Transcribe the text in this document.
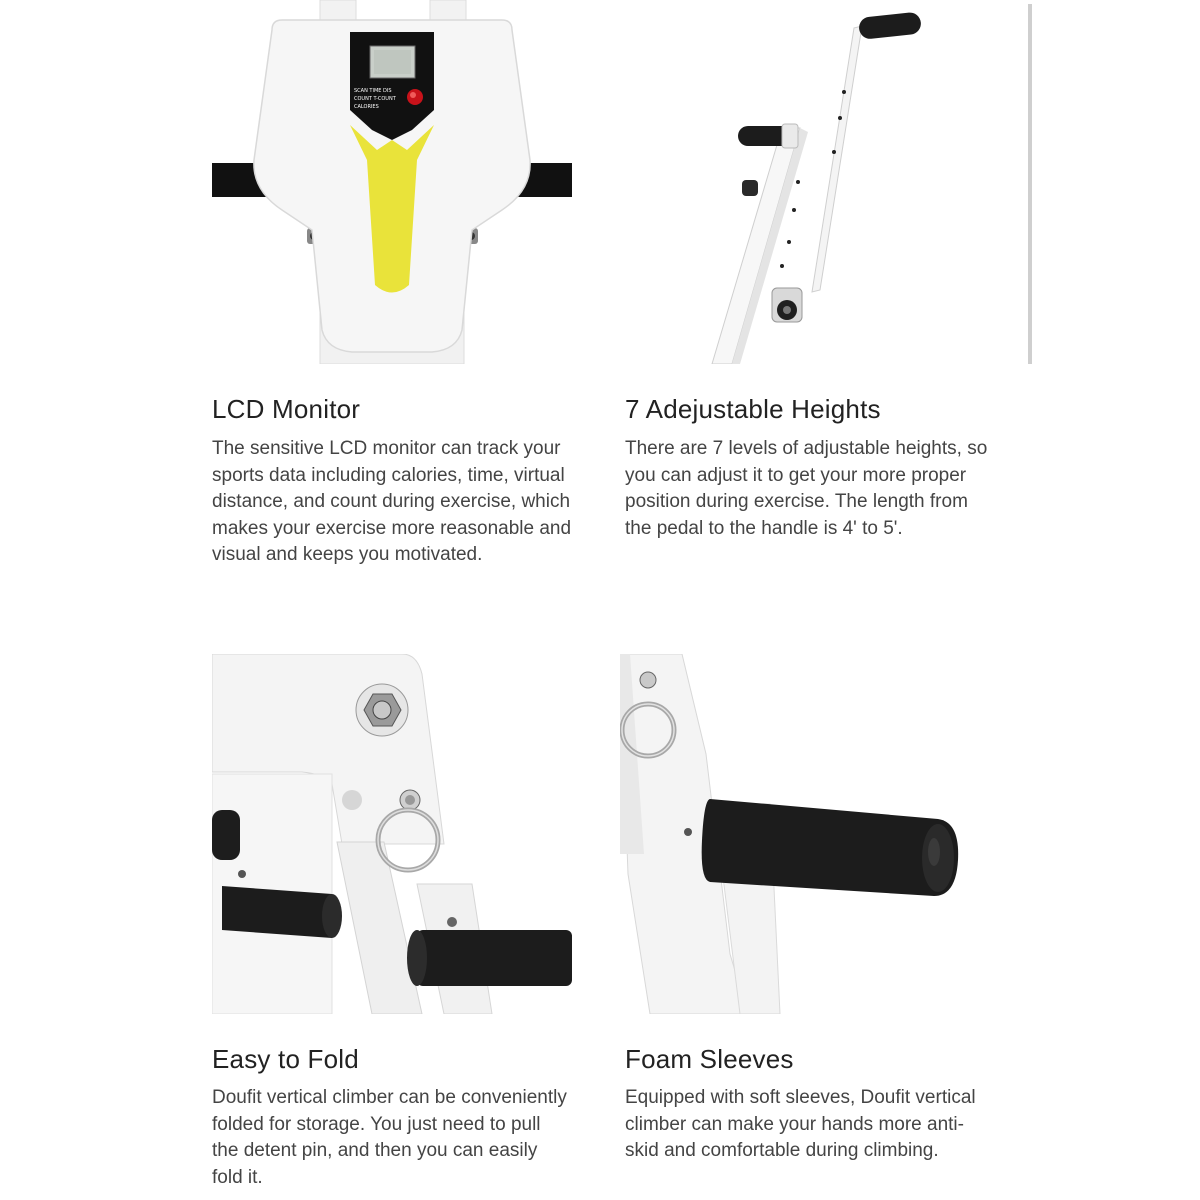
SCAN TIME DIS
COUNT T-COUNT
CALORIES
LCD Monitor
The sensitive LCD monitor can track your sports data including calories, time, virtual distance, and count during exercise, which makes your exercise more reasonable and visual and keeps you motivated.
7 Adejustable Heights
There are 7 levels of adjustable heights, so you can adjust it to get your more proper position during exercise. The length from the pedal to the handle is 4' to 5'.
Easy to Fold
Doufit vertical climber can be conveniently folded for storage. You just need to pull the detent pin, and then you can easily fold it.
Foam Sleeves
Equipped with soft sleeves, Doufit vertical climber can make your hands more anti-skid and comfortable during climbing.
